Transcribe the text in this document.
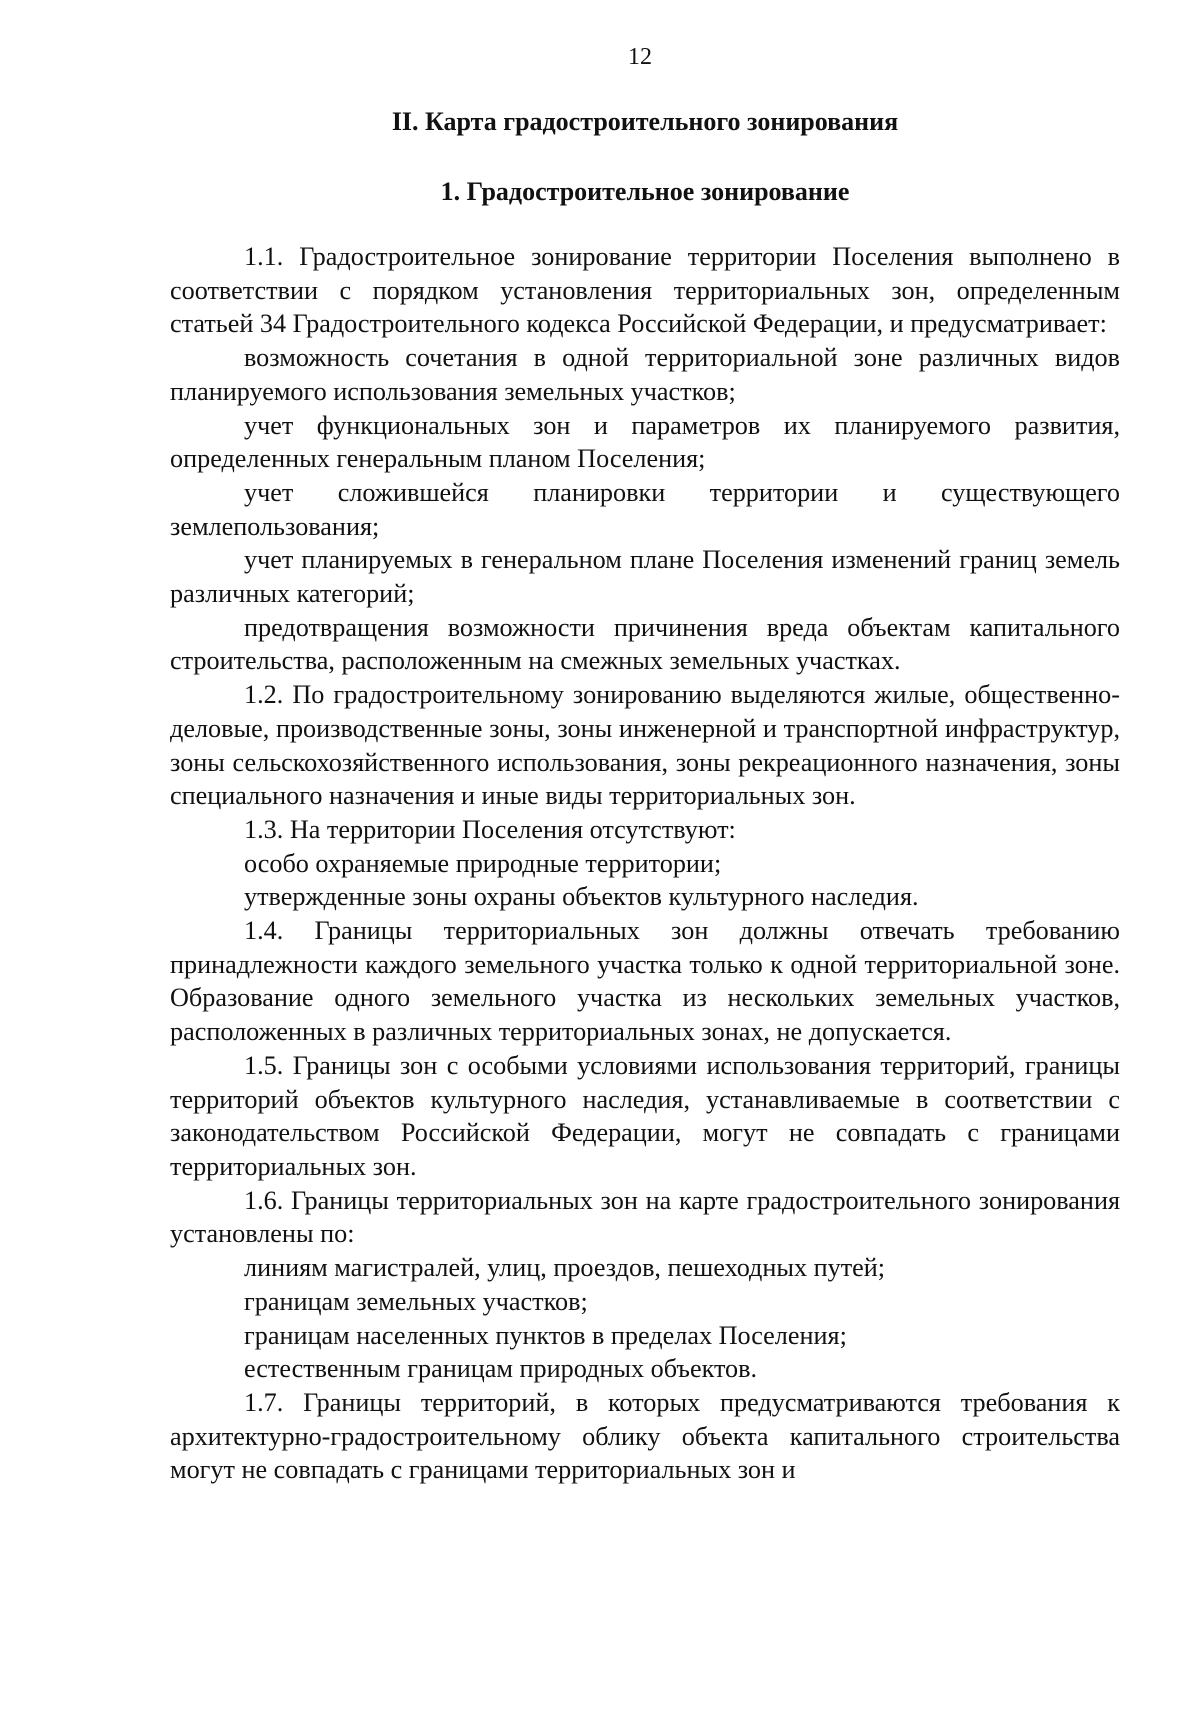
12
II. Карта градостроительного зонирования
1. Градостроительное зонирование

1.1. Градостроительное зонирование территории Поселения выполнено в соответствии с порядком установления территориальных зон, определенным статьей 34 Градостроительного кодекса Российской Федерации, и предусматривает:

возможность сочетания в одной территориальной зоне различных видов планируемого использования земельных участков;

учет функциональных зон и параметров их планируемого развития, определенных генеральным планом Поселения;

учет сложившейся планировки территории и существующего землепользования;

учет планируемых в генеральном плане Поселения изменений границ земель различных категорий;

предотвращения возможности причинения вреда объектам капитального строительства, расположенным на смежных земельных участках.

1.2. По градостроительному зонированию выделяются жилые, общественно-деловые, производственные зоны, зоны инженерной и транспортной инфраструктур, зоны сельскохозяйственного использования, зоны рекреационного назначения, зоны специального назначения и иные виды территориальных зон.

1.3. На территории Поселения отсутствуют:

особо охраняемые природные территории;

утвержденные зоны охраны объектов культурного наследия.

1.4. Границы территориальных зон должны отвечать требованию принадлежности каждого земельного участка только к одной территориальной зоне. Образование одного земельного участка из нескольких земельных участков, расположенных в различных территориальных зонах, не допускается.

1.5. Границы зон с особыми условиями использования территорий, границы территорий объектов культурного наследия, устанавливаемые в соответствии с законодательством Российской Федерации, могут не совпадать с границами территориальных зон.

1.6. Границы территориальных зон на карте градостроительного зонирования установлены по:

линиям магистралей, улиц, проездов, пешеходных путей;

границам земельных участков;

границам населенных пунктов в пределах Поселения;

естественным границам природных объектов.

1.7. Границы территорий, в которых предусматриваются требования к архитектурно-градостроительному облику объекта капитального строительства могут не совпадать с границами территориальных зон и
